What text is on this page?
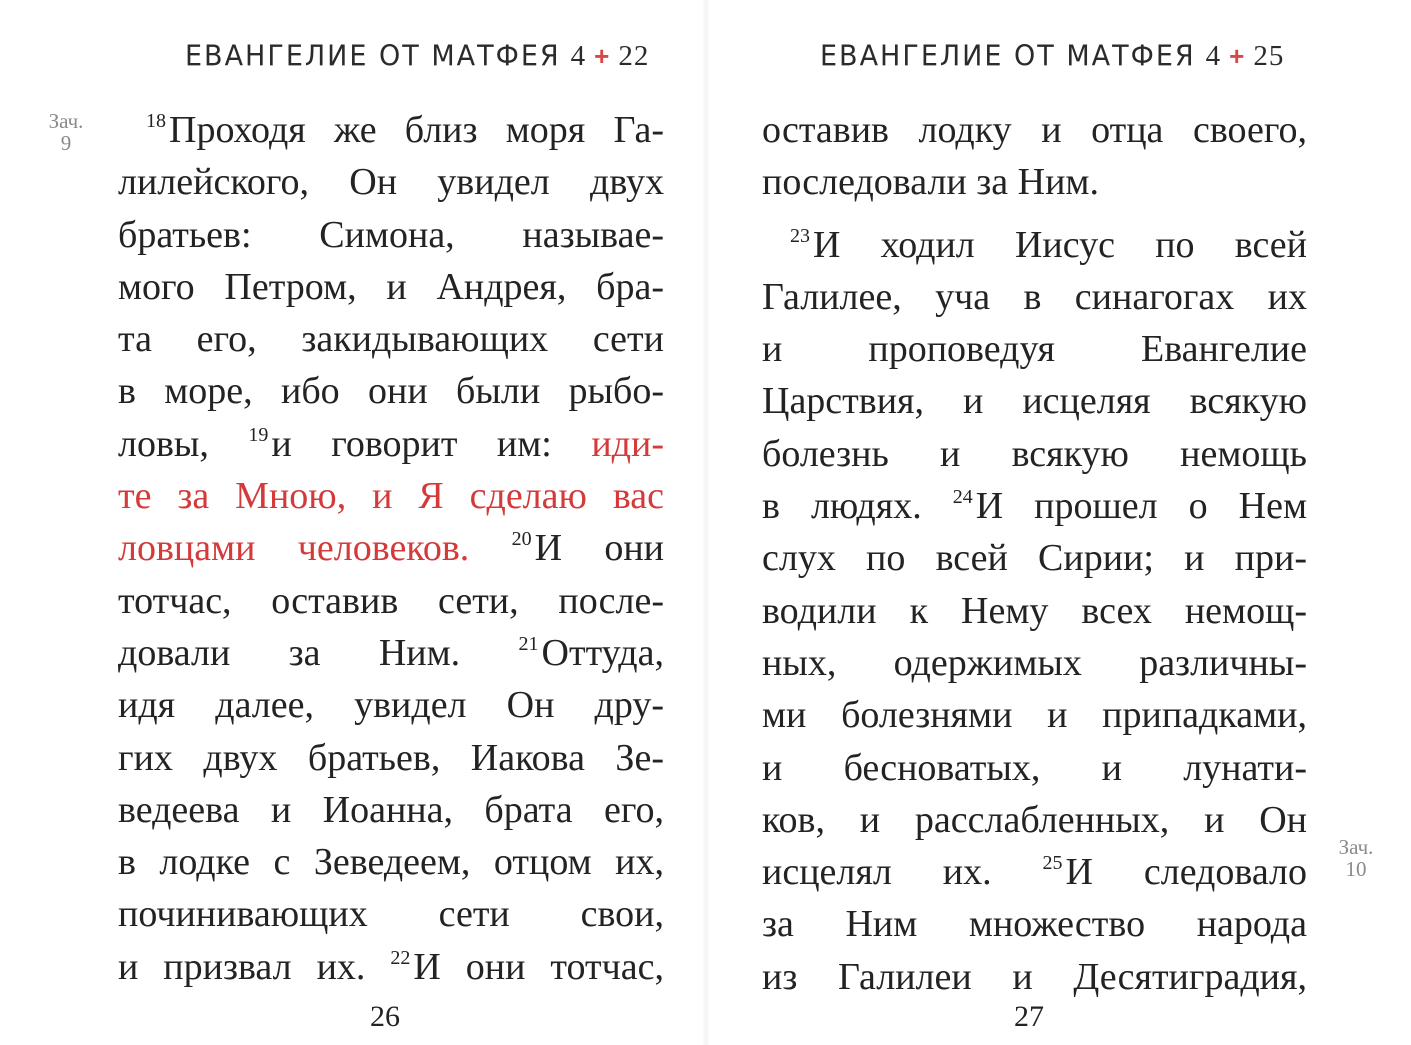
ЕВАНГЕЛИЕ ОТ МАТФЕЯ 4 + 22
Зач.
9
$^{18}$Проходя же близ моря Га-
лилейского, Он увидел двух
братьев: Симона, называе-
мого Петром, и Андрея, бра-
та его, закидывающих сети
в море, ибо они были рыбо-
ловы, $^{19}$и говорит им: иди-
те за Мною, и Я сделаю вас
ловцами человеков. $^{20}$И они
тотчас, оставив сети, после-
довали за Ним. $^{21}$Оттуда,
идя далее, увидел Он дру-
гих двух братьев, Иакова Зе-
ведеева и Иоанна, брата его,
в лодке с Зеведеем, отцом их,
починивающих сети свои,
и призвал их. $^{22}$И они тотчас,
26
ЕВАНГЕЛИЕ ОТ МАТФЕЯ 4 + 25
Зач.
10
оставив лодку и отца своего,
последовали за Ним.
$^{23}$И ходил Иисус по всей
Галилее, уча в синагогах их
и проповедуя Евангелие
Царствия, и исцеляя всякую
болезнь и всякую немощь
в людях. $^{24}$И прошел о Нем
слух по всей Сирии; и при-
водили к Нему всех немощ-
ных, одержимых различны-
ми болезнями и припадками,
и бесноватых, и лунати-
ков, и расслабленных, и Он
исцелял их. $^{25}$И следовало
за Ним множество народа
из Галилеи и Десятиградия,
27
